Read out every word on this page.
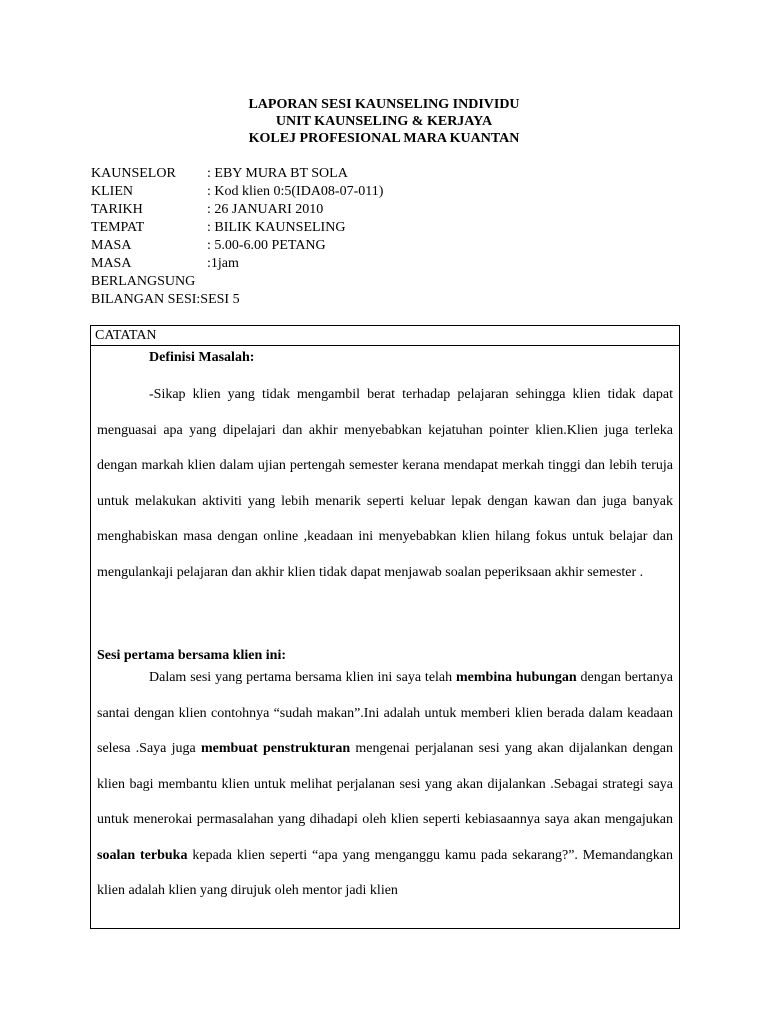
LAPORAN SESI KAUNSELING INDIVIDU
UNIT KAUNSELING & KERJAYA
KOLEJ PROFESIONAL MARA KUANTAN
KAUNSELOR	: EBY MURA BT SOLA
KLIEN	: Kod klien 0:5(IDA08-07-011)
TARIKH	: 26 JANUARI 2010
TEMPAT	: BILIK KAUNSELING
MASA	: 5.00-6.00 PETANG
MASA	:1jam
BERLANGSUNG
BILANGAN SESI: SESI 5
CATATAN
Definisi Masalah:

-Sikap klien yang tidak mengambil berat terhadap pelajaran sehingga klien tidak dapat menguasai apa yang dipelajari dan akhir menyebabkan kejatuhan pointer klien.Klien juga terleka dengan markah klien dalam ujian pertengah semester kerana mendapat merkah tinggi dan lebih teruja untuk melakukan aktiviti yang lebih menarik seperti keluar lepak dengan kawan dan juga banyak menghabiskan masa dengan online ,keadaan ini menyebabkan klien hilang fokus untuk belajar dan mengulankaji pelajaran dan akhir klien tidak dapat menjawab soalan peperiksaan akhir semester .

Sesi pertama bersama klien ini:

Dalam sesi yang pertama bersama klien ini saya telah membina hubungan dengan bertanya santai dengan klien contohnya “sudah makan”.Ini adalah untuk memberi klien berada dalam keadaan selesa .Saya juga membuat penstrukturan mengenai perjalanan sesi yang akan dijalankan dengan klien bagi membantu klien untuk melihat perjalanan sesi yang akan dijalankan .Sebagai strategi saya untuk menerokai permasalahan yang dihadapi oleh klien seperti kebiasaannya saya akan mengajukan soalan terbuka kepada klien seperti “apa yang menganggu kamu pada sekarang?”. Memandangkan klien adalah klien yang dirujuk oleh mentor jadi klien
